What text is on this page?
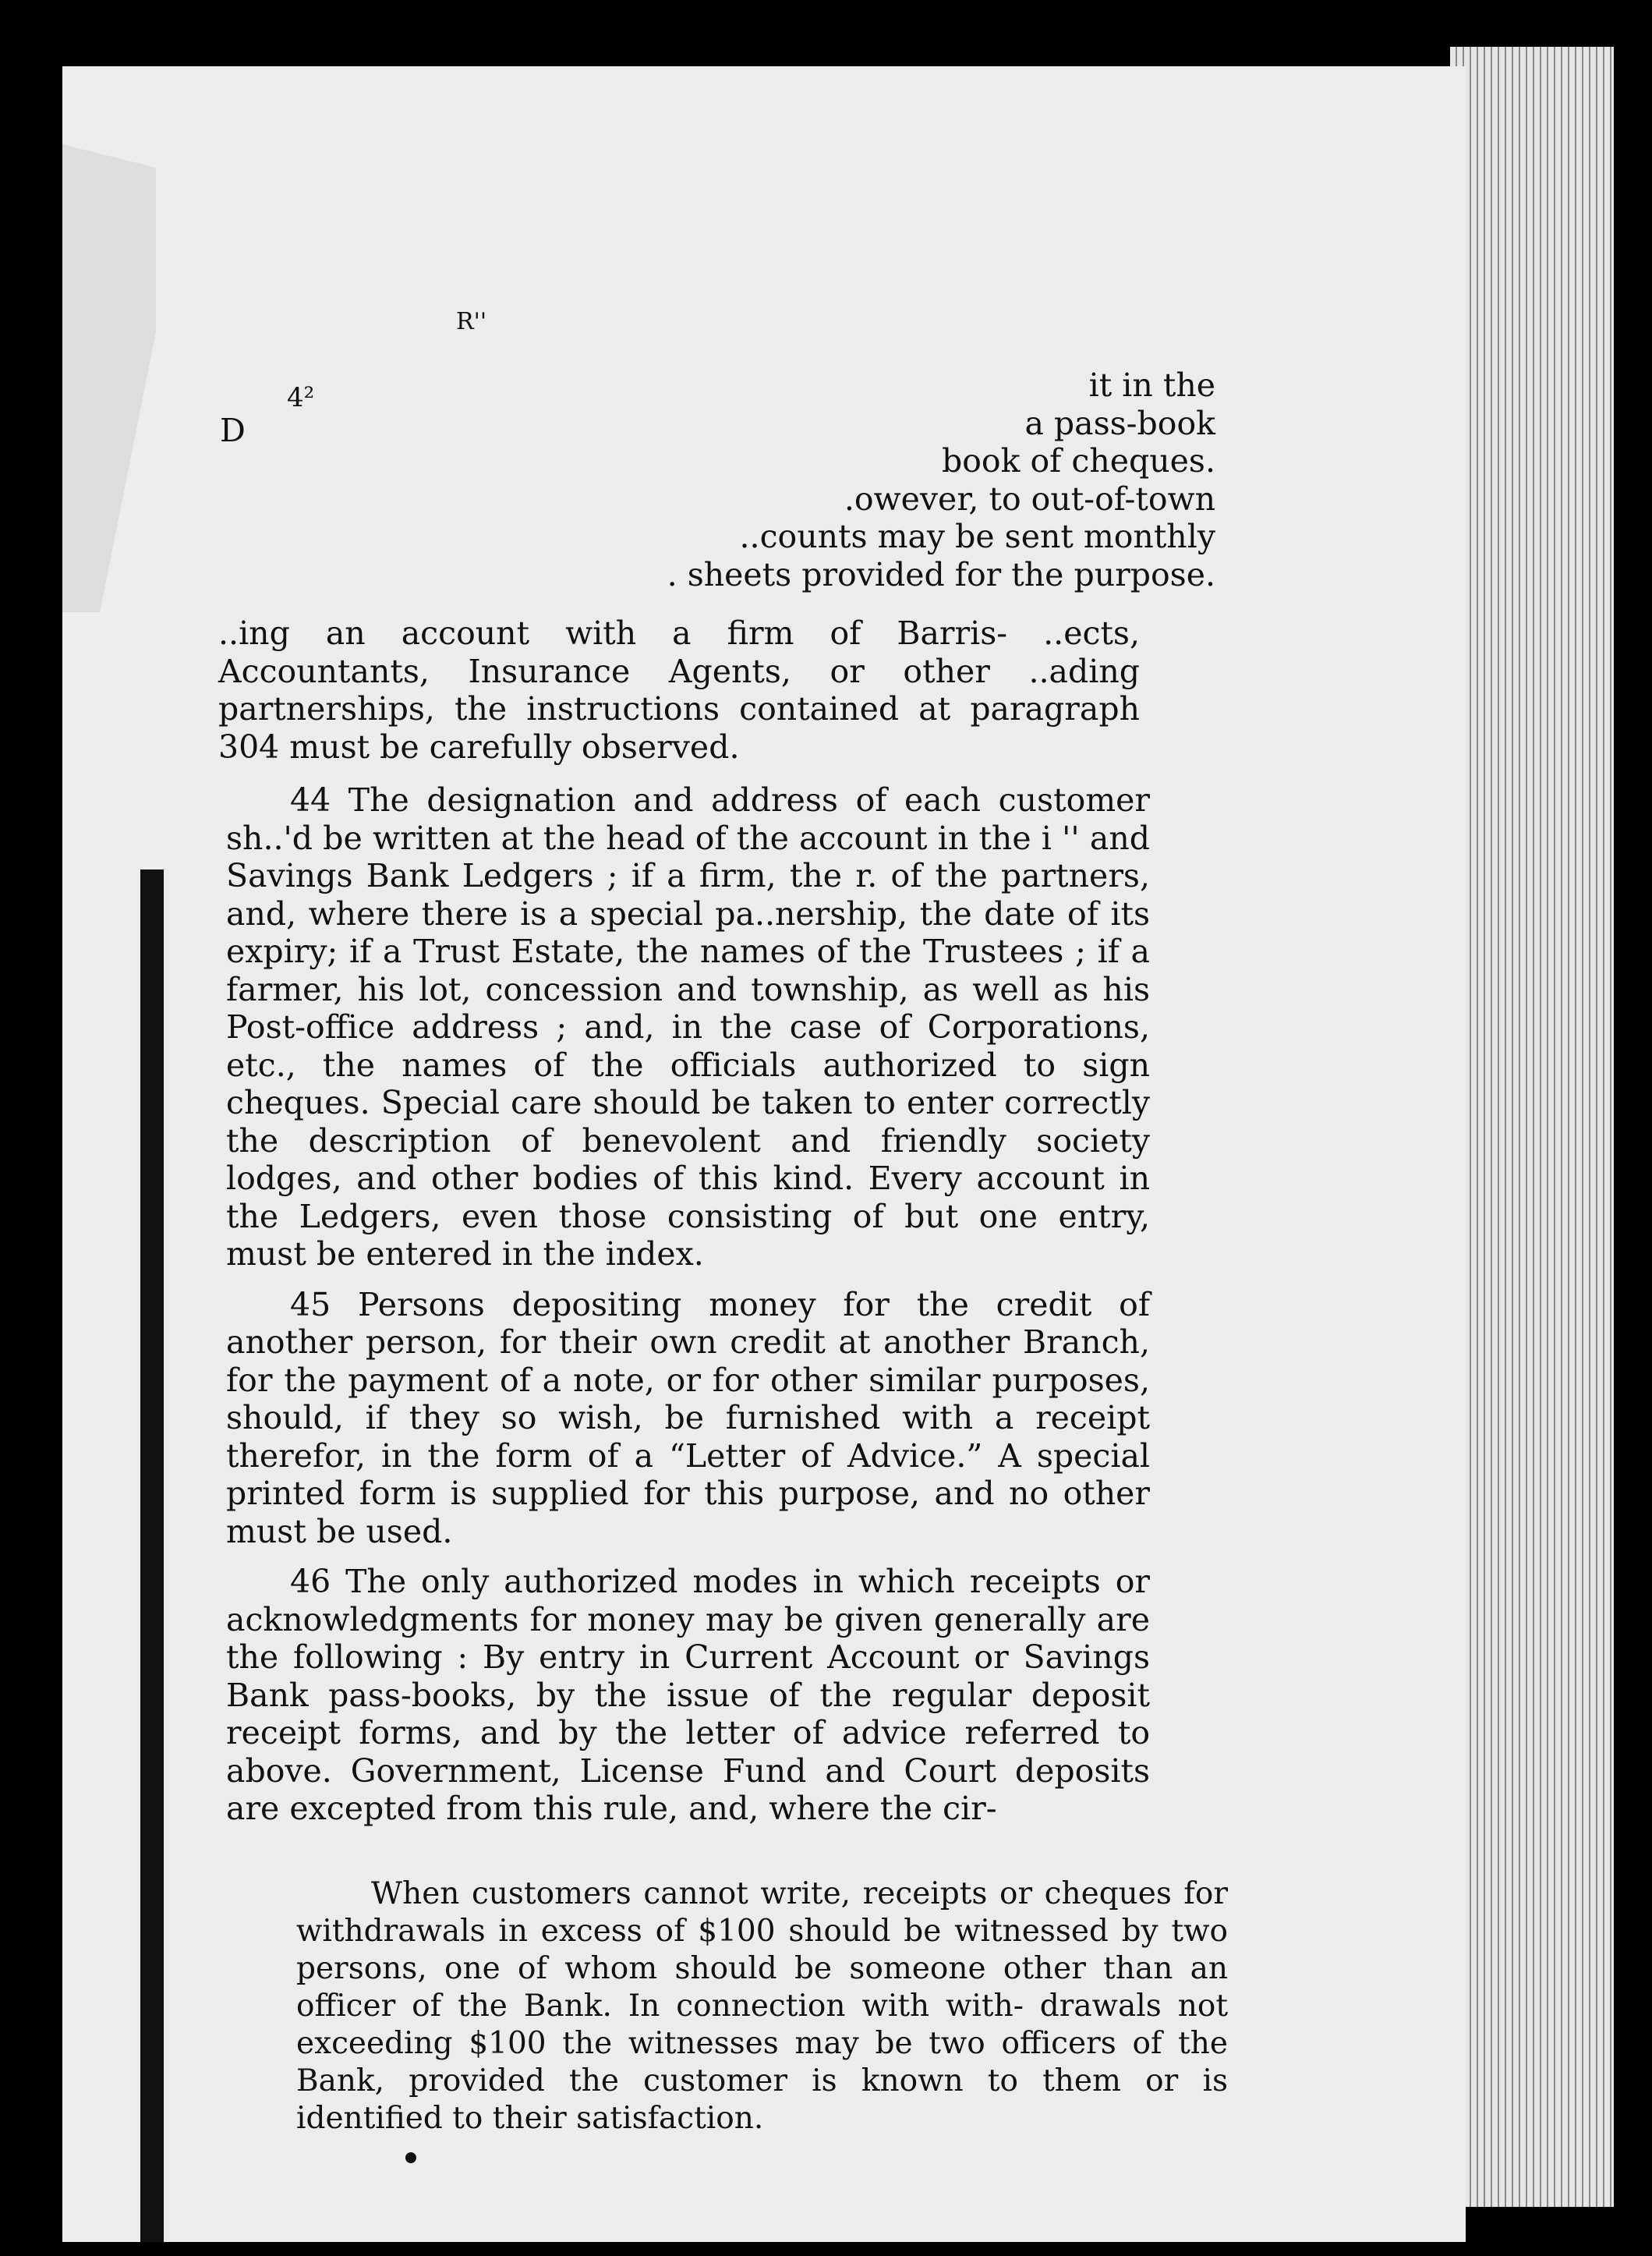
R''
4²
D
it in the
a pass-book
book of cheques.
.owever, to out-of-town
..counts may be sent monthly
. sheets provided for the purpose.
..ing an account with a firm of Barris- ..ects, Accountants, Insurance Agents, or other ..ading partnerships, the instructions contained at paragraph 304 must be carefully observed.

44 The designation and address of each customer sh..'d be written at the head of the account in the i '' and Savings Bank Ledgers ; if a firm, the r. of the partners, and, where there is a special pa..nership, the date of its expiry; if a Trust Estate, the names of the Trustees ; if a farmer, his lot, concession and township, as well as his Post-office address ; and, in the case of Corporations, etc., the names of the officials authorized to sign cheques. Special care should be taken to enter correctly the description of benevolent and friendly society lodges, and other bodies of this kind. Every account in the Ledgers, even those consisting of but one entry, must be entered in the index.

45 Persons depositing money for the credit of another person, for their own credit at another Branch, for the payment of a note, or for other similar purposes, should, if they so wish, be furnished with a receipt therefor, in the form of a “Letter of Advice.” A special printed form is supplied for this purpose, and no other must be used.

46 The only authorized modes in which receipts or acknowledgments for money may be given generally are the following : By entry in Current Account or Savings Bank pass-books, by the issue of the regular deposit receipt forms, and by the letter of advice referred to above. Government, License Fund and Court deposits are excepted from this rule, and, where the cir-

When customers cannot write, receipts or cheques for withdrawals in excess of $100 should be witnessed by two persons, one of whom should be someone other than an officer of the Bank. In connection with with- drawals not exceeding $100 the witnesses may be two officers of the Bank, provided the customer is known to them or is identified to their satisfaction.
